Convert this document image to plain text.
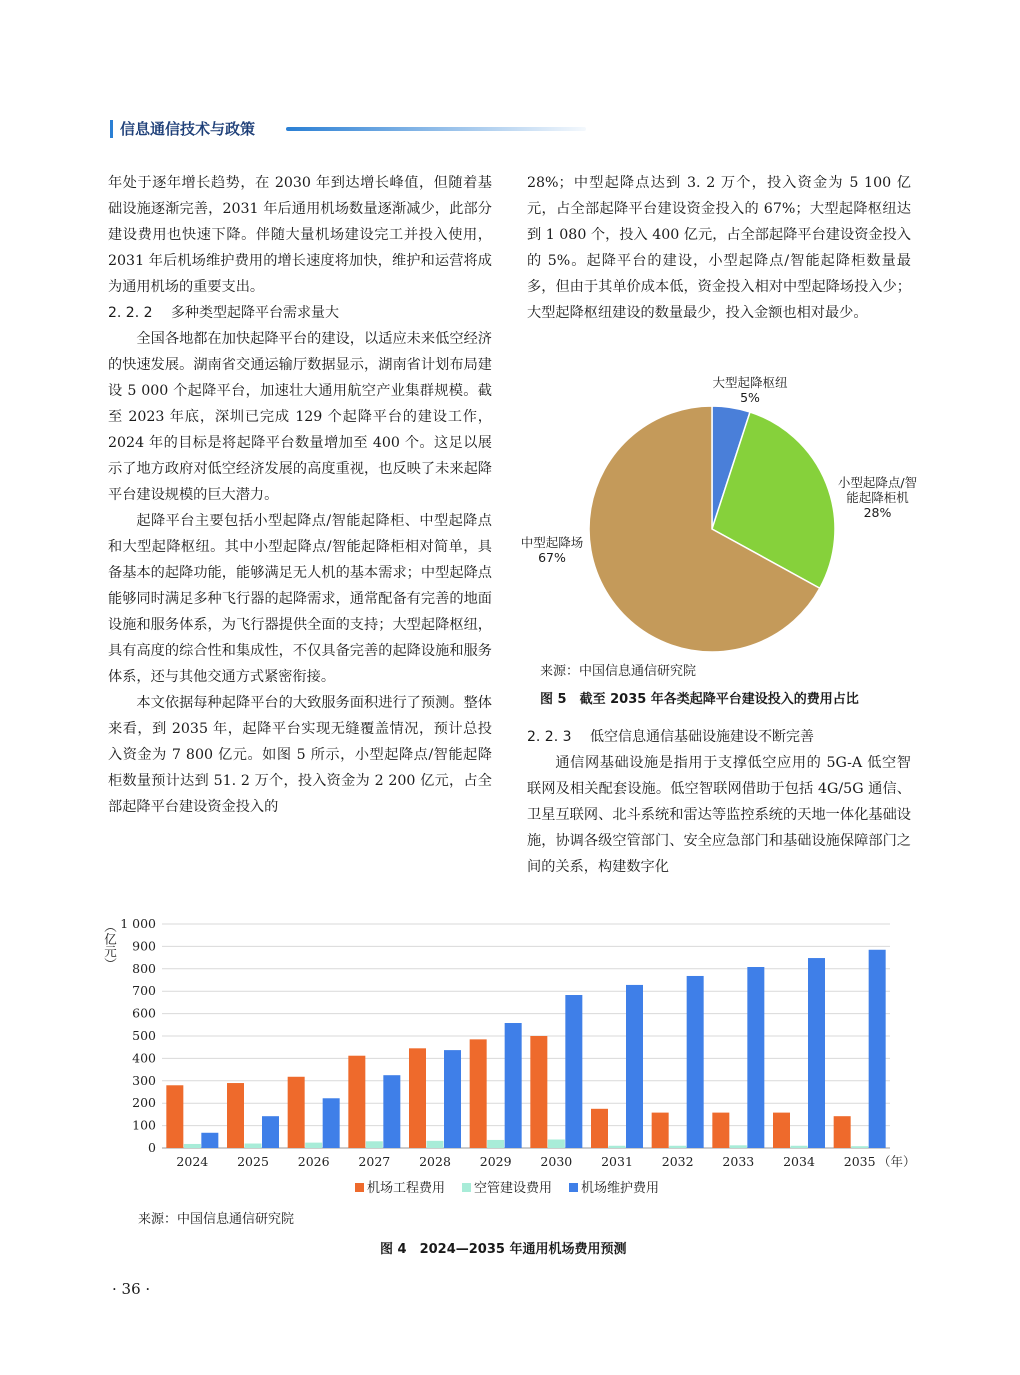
信息通信技术与政策

年处于逐年增长趋势，在 2030 年到达增长峰值，但随着基础设施逐渐完善，2031 年后通用机场数量逐渐减少，此部分建设费用也快速下降。伴随大量机场建设完工并投入使用，2031 年后机场维护费用的增长速度将加快，维护和运营将成为通用机场的重要支出。

2. 2. 2　 多种类型起降平台需求量大

全国各地都在加快起降平台的建设，以适应未来低空经济的快速发展。湖南省交通运输厅数据显示，湖南省计划布局建设 5 000 个起降平台，加速壮大通用航空产业集群规模。截至 2023 年底，深圳已完成 129 个起降平台的建设工作，2024 年的目标是将起降平台数量增加至 400 个。这足以展示了地方政府对低空经济发展的高度重视，也反映了未来起降平台建设规模的巨大潜力。

起降平台主要包括小型起降点/智能起降柜、中型起降点和大型起降枢纽。其中小型起降点/智能起降柜相对简单，具备基本的起降功能，能够满足无人机的基本需求；中型起降点能够同时满足多种飞行器的起降需求，通常配备有完善的地面设施和服务体系，为飞行器提供全面的支持；大型起降枢纽，具有高度的综合性和集成性，不仅具备完善的起降设施和服务体系，还与其他交通方式紧密衔接。

本文依据每种起降平台的大致服务面积进行了预测。整体来看，到 2035 年，起降平台实现无缝覆盖情况，预计总投入资金为 7 800 亿元。如图 5 所示，小型起降点/智能起降柜数量预计达到 51. 2 万个，投入资金为 2 200 亿元，占全部起降平台建设资金投入的

28%；中型起降点达到 3. 2 万个，投入资金为 5 100 亿元，占全部起降平台建设资金投入的 67%；大型起降枢纽达到 1 080 个，投入 400 亿元，占全部起降平台建设资金投入的 5%。起降平台的建设，小型起降点/智能起降柜数量最多，但由于其单价成本低，资金投入相对中型起降场投入少；大型起降枢纽建设的数量最少，投入金额也相对最少。

大型起降枢纽
5%
小型起降点/智
能起降柜机
28%
中型起降场
67%
来源：中国信息通信研究院
图 5　截至 2035 年各类起降平台建设投入的费用占比

2. 2. 3　 低空信息通信基础设施建设不断完善

通信网基础设施是指用于支撑低空应用的 5G-A 低空智联网及相关配套设施。低空智联网借助于包括 4G/5G 通信、卫星互联网、北斗系统和雷达等监控系统的天地一体化基础设施，协调各级空管部门、安全应急部门和基础设施保障部门之间的关系，构建数字化

0
100
200
300
400
500
600
700
800
900
1 000
（亿元）
2024 2025 2026 2027 2028 2029 2030 2031 2032 2033 2034 2035 （年）
机场工程费用 空管建设费用 机场维护费用
来源：中国信息通信研究院
图 4　2024—2035 年通用机场费用预测
· 36 ·
